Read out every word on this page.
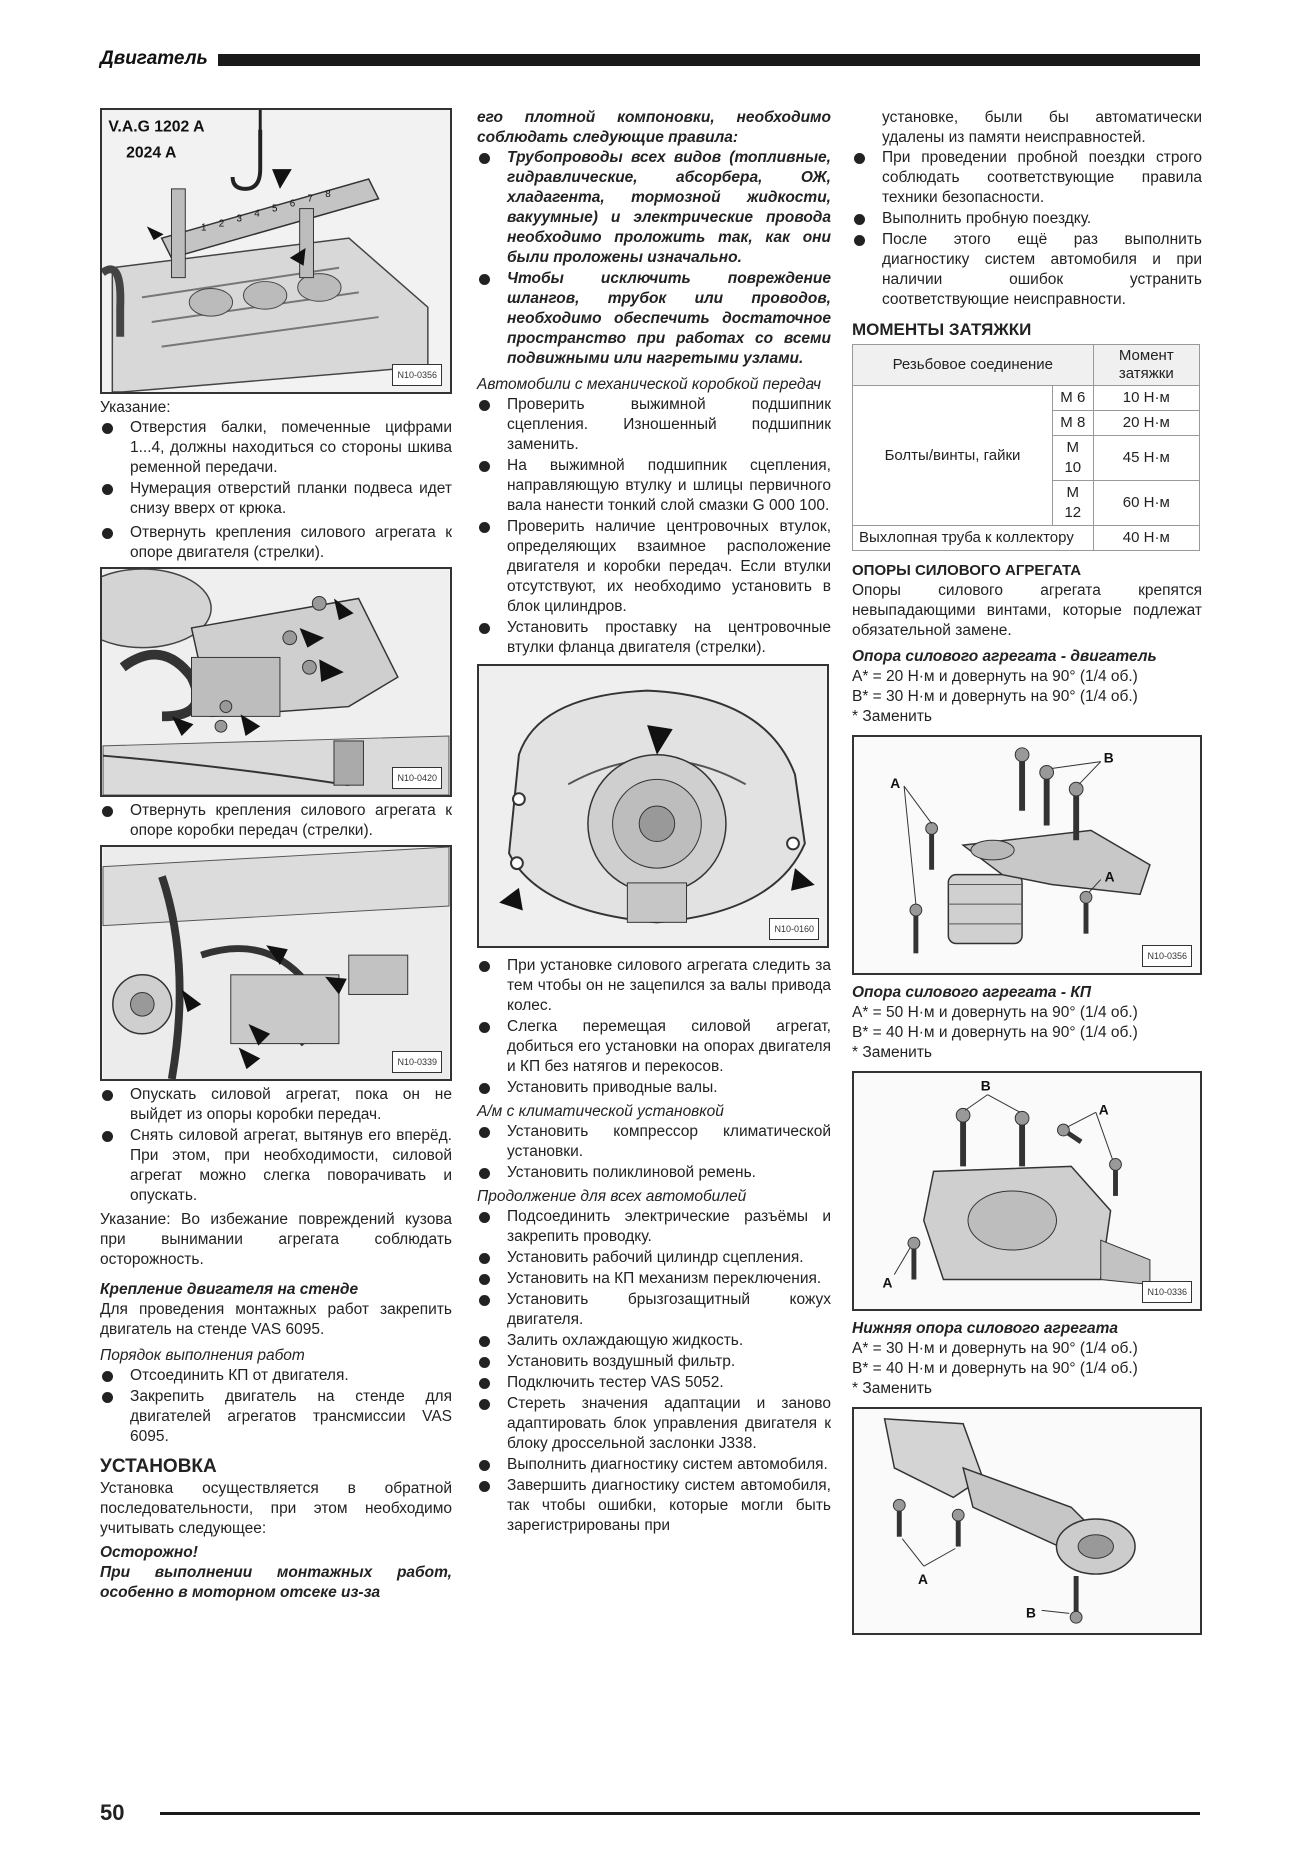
Двигатель
V.A.G 1202 A
2024 A
1 2 3 4 5 6 7 8
N10-0356

Указание:

Отверстия балки, помеченные цифрами 1...4, должны находиться со стороны шкива ременной передачи.
Нумерация отверстий планки подвеса идет снизу вверх от крюка.
Отвернуть крепления силового агрегата к опоре двигателя (стрелки).
N10-0420
Отвернуть крепления силового агрегата к опоре коробки передач (стрелки).
N10-0339
Опускать силовой агрегат, пока он не выйдет из опоры коробки передач.
Снять силовой агрегат, вытянув его вперёд. При этом, при необходимости, силовой агрегат можно слегка поворачивать и опускать.

Указание: Во избежание повреждений кузова при вынимании агрегата соблюдать осторожность.

Крепление двигателя на стенде

Для проведения монтажных работ закрепить двигатель на стенде VAS 6095.

Порядок выполнения работ

Отсоединить КП от двигателя.
Закрепить двигатель на стенде для двигателей агрегатов трансмиссии VAS 6095.

УСТАНОВКА

Установка осуществляется в обратной последовательности, при этом необходимо учитывать следующее:

Осторожно!

При выполнении монтажных работ, особенно в моторном отсеке из-за

его плотной компоновки, необходимо соблюдать следующие правила:

Трубопроводы всех видов (топливные, гидравлические, абсорбера, ОЖ, хладагента, тормозной жидкости, вакуумные) и электрические провода необходимо проложить так, как они были проложены изначально.
Чтобы исключить повреждение шлангов, трубок или проводов, необходимо обеспечить достаточное пространство при работах со всеми подвижными или нагретыми узлами.

Автомобили с механической коробкой передач

Проверить выжимной подшипник сцепления. Изношенный подшипник заменить.
На выжимной подшипник сцепления, направляющую втулку и шлицы первичного вала нанести тонкий слой смазки G 000 100.
Проверить наличие центровочных втулок, определяющих взаимное расположение двигателя и коробки передач. Если втулки отсутствуют, их необходимо установить в блок цилиндров.
Установить проставку на центровочные втулки фланца двигателя (стрелки).
N10-0160
При установке силового агрегата следить за тем чтобы он не зацепился за валы привода колес.
Слегка перемещая силовой агрегат, добиться его установки на опорах двигателя и КП без натягов и перекосов.
Установить приводные валы.

А/м с климатической установкой

Установить компрессор климатической установки.
Установить поликлиновой ремень.

Продолжение для всех автомобилей

Подсоединить электрические разъёмы и закрепить проводку.
Установить рабочий цилиндр сцепления.
Установить на КП механизм переключения.
Установить брызгозащитный кожух двигателя.
Залить охлаждающую жидкость.
Установить воздушный фильтр.
Подключить тестер VAS 5052.
Стереть значения адаптации и заново адаптировать блок управления двигателя к блоку дроссельной заслонки J338.
Выполнить диагностику систем автомобиля.
Завершить диагностику систем автомобиля, так чтобы ошибки, которые могли быть зарегистрированы при

установке, были бы автоматически удалены из памяти неисправностей.

При проведении пробной поездки строго соблюдать соответствующие правила техники безопасности.
Выполнить пробную поездку.
После этого ещё раз выполнить диагностику систем автомобиля и при наличии ошибок устранить соответствующие неисправности.

МОМЕНТЫ ЗАТЯЖКИ

Резьбовое соединение		Момент затяжки
Болты/винты, гайки	М 6	10 Н·м
	М 8	20 Н·м
	М 10	45 Н·м
	М 12	60 Н·м
Выхлопная труба к коллектору		40 Н·м

ОПОРЫ СИЛОВОГО АГРЕГАТА

Опоры силового агрегата крепятся невыпадающими винтами, которые подлежат обязательной замене.

Опора силового агрегата - двигатель

A* = 20 Н·м и довернуть на 90° (1/4 об.)

B* = 30 Н·м и довернуть на 90° (1/4 об.)

* Заменить

A
B
A
N10-0356

Опора силового агрегата - КП

A* = 50 Н·м и довернуть на 90° (1/4 об.)

B* = 40 Н·м и довернуть на 90° (1/4 об.)

* Заменить

B
A
A
N10-0336

Нижняя опора силового агрегата

A* = 30 Н·м и довернуть на 90° (1/4 об.)

B* = 40 Н·м и довернуть на 90° (1/4 об.)

* Заменить

A
B
50
